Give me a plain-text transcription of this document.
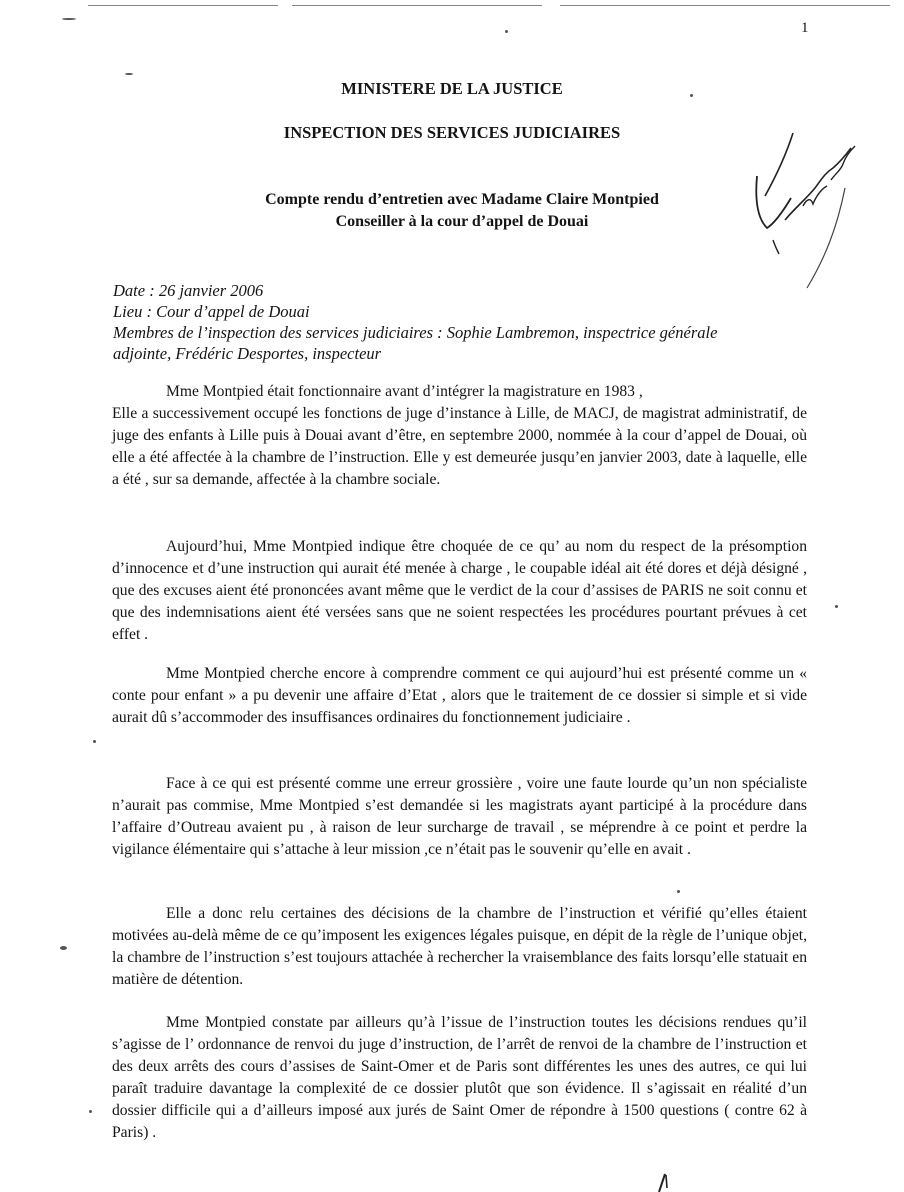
1
MINISTERE DE LA JUSTICE
INSPECTION DES SERVICES JUDICIAIRES
Compte rendu d’entretien avec Madame Claire Montpied
Conseiller à la cour d’appel de Douai
Date : 26 janvier 2006
Lieu : Cour d’appel de Douai
Membres de l’inspection des services judiciaires : Sophie Lambremon, inspectrice générale
adjointe, Frédéric Desportes, inspecteur

Mme Montpied était fonctionnaire avant d’intégrer la magistrature en 1983 ,

Elle a successivement occupé les fonctions de juge d’instance à Lille, de MACJ, de magistrat administratif, de juge des enfants à Lille puis à Douai avant d’être, en septembre 2000, nommée à la cour d’appel de Douai, où elle a été affectée à la chambre de l’instruction. Elle y est demeurée jusqu’en janvier 2003, date à laquelle, elle a été , sur sa demande, affectée à la chambre sociale.

Aujourd’hui, Mme Montpied indique être choquée de ce qu’ au nom du respect de la présomption d’innocence et d’une instruction qui aurait été menée à charge , le coupable idéal ait été dores et déjà désigné , que des excuses aient été prononcées avant même que le verdict de la cour d’assises de PARIS ne soit connu et que des indemnisations aient été versées sans que ne soient respectées les procédures pourtant prévues à cet effet .

Mme Montpied cherche encore à comprendre comment ce qui aujourd’hui est présenté comme un « conte pour enfant » a pu devenir une affaire d’Etat , alors que le traitement de ce dossier si simple et si vide aurait dû s’accommoder des insuffisances ordinaires du fonctionnement judiciaire .

Face à ce qui est présenté comme une erreur grossière , voire une faute lourde qu’un non spécialiste n’aurait pas commise, Mme Montpied s’est demandée si les magistrats ayant participé à la procédure dans l’affaire d’Outreau avaient pu , à raison de leur surcharge de travail , se méprendre à ce point et perdre la vigilance élémentaire qui s’attache à leur mission ,ce n’était pas le souvenir qu’elle en avait .

Elle a donc relu certaines des décisions de la chambre de l’instruction et vérifié qu’elles étaient motivées au-delà même de ce qu’imposent les exigences légales puisque, en dépit de la règle de l’unique objet, la chambre de l’instruction s’est toujours attachée à rechercher la vraisemblance des faits lorsqu’elle statuait en matière de détention.

Mme Montpied constate par ailleurs qu’à l’issue de l’instruction toutes les décisions rendues qu’il s’agisse de l’ ordonnance de renvoi du juge d’instruction, de l’arrêt de renvoi de la chambre de l’instruction et des deux arrêts des cours d’assises de Saint-Omer et de Paris sont différentes les unes des autres, ce qui lui paraît traduire davantage la complexité de ce dossier plutôt que son évidence. Il s’agissait en réalité d’un dossier difficile qui a d’ailleurs imposé aux jurés de Saint Omer de répondre à 1500 questions ( contre 62 à Paris) .
